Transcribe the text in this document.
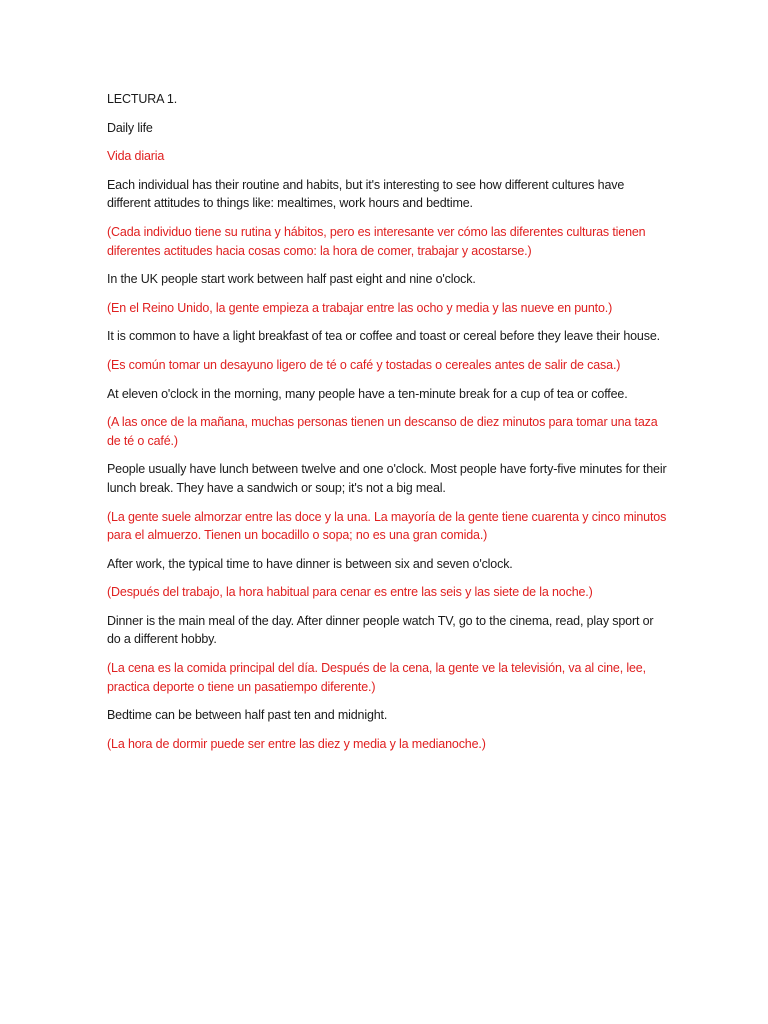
LECTURA 1.

Daily life

Vida diaria

Each individual has their routine and habits, but it's interesting to see how different cultures have different attitudes to things like: mealtimes, work hours and bedtime.

(Cada individuo tiene su rutina y hábitos, pero es interesante ver cómo las diferentes culturas tienen diferentes actitudes hacia cosas como: la hora de comer, trabajar y acostarse.)

In the UK people start work between half past eight and nine o'clock.

(En el Reino Unido, la gente empieza a trabajar entre las ocho y media y las nueve en punto.)

It is common to have a light breakfast of tea or coffee and toast or cereal before they leave their house.

(Es común tomar un desayuno ligero de té o café y tostadas o cereales antes de salir de casa.)

At eleven o'clock in the morning, many people have a ten-minute break for a cup of tea or coffee.

(A las once de la mañana, muchas personas tienen un descanso de diez minutos para tomar una taza de té o café.)

People usually have lunch between twelve and one o'clock. Most people have forty-five minutes for their lunch break. They have a sandwich or soup; it's not a big meal.

(La gente suele almorzar entre las doce y la una. La mayoría de la gente tiene cuarenta y cinco minutos para el almuerzo. Tienen un bocadillo o sopa; no es una gran comida.)

After work, the typical time to have dinner is between six and seven o'clock.

(Después del trabajo, la hora habitual para cenar es entre las seis y las siete de la noche.)

Dinner is the main meal of the day. After dinner people watch TV, go to the cinema, read, play sport or do a different hobby.

(La cena es la comida principal del día. Después de la cena, la gente ve la televisión, va al cine, lee, practica deporte o tiene un pasatiempo diferente.)

Bedtime can be between half past ten and midnight.

(La hora de dormir puede ser entre las diez y media y la medianoche.)
